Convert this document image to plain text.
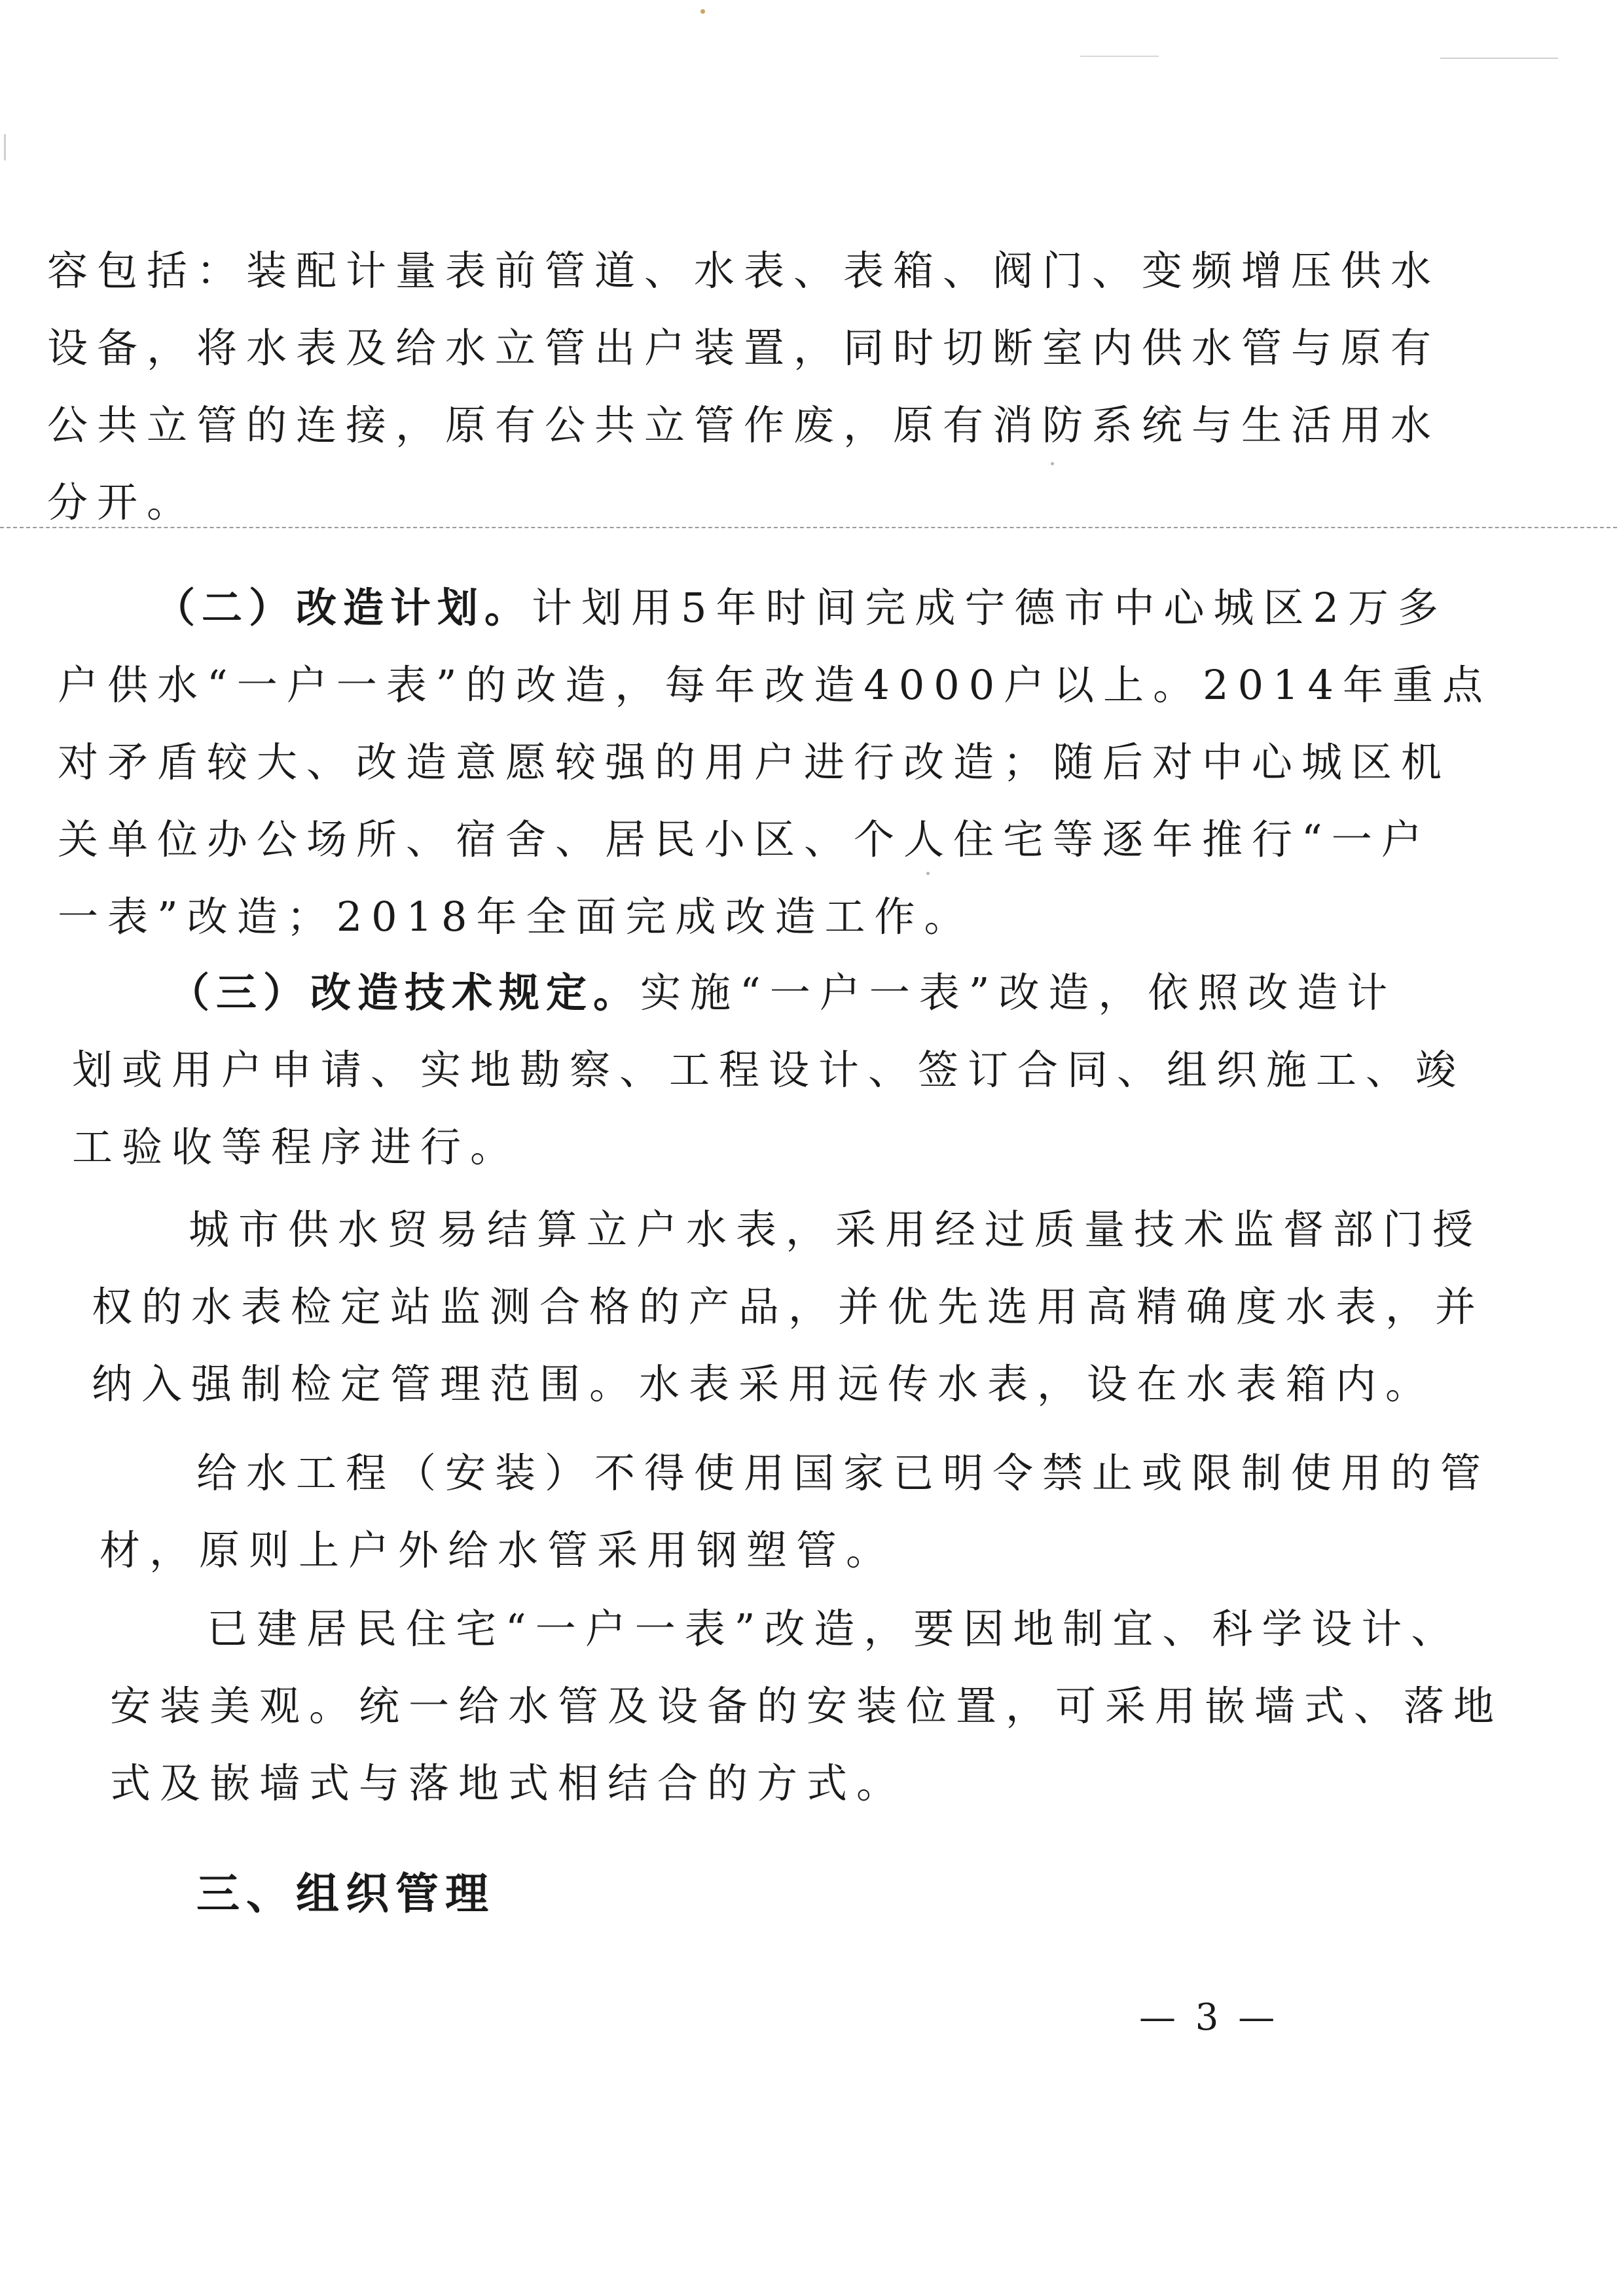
容包括：装配计量表前管道、水表、表箱、阀门、变频增压供水
设备，将水表及给水立管出户装置，同时切断室内供水管与原有
公共立管的连接，原有公共立管作废，原有消防系统与生活用水
分开。
（二）改造计划。计划用5年时间完成宁德市中心城区2万多
户供水“一户一表”的改造，每年改造4000户以上。2014年重点
对矛盾较大、改造意愿较强的用户进行改造；随后对中心城区机
关单位办公场所、宿舍、居民小区、个人住宅等逐年推行“一户
一表”改造；2018年全面完成改造工作。
（三）改造技术规定。实施“一户一表”改造，依照改造计
划或用户申请、实地勘察、工程设计、签订合同、组织施工、竣
工验收等程序进行。
城市供水贸易结算立户水表，采用经过质量技术监督部门授
权的水表检定站监测合格的产品，并优先选用高精确度水表，并
纳入强制检定管理范围。水表采用远传水表，设在水表箱内。
给水工程（安装）不得使用国家已明令禁止或限制使用的管
材，原则上户外给水管采用钢塑管。
已建居民住宅“一户一表”改造，要因地制宜、科学设计、
安装美观。统一给水管及设备的安装位置，可采用嵌墙式、落地
式及嵌墙式与落地式相结合的方式。
三、组织管理
— 3 —
